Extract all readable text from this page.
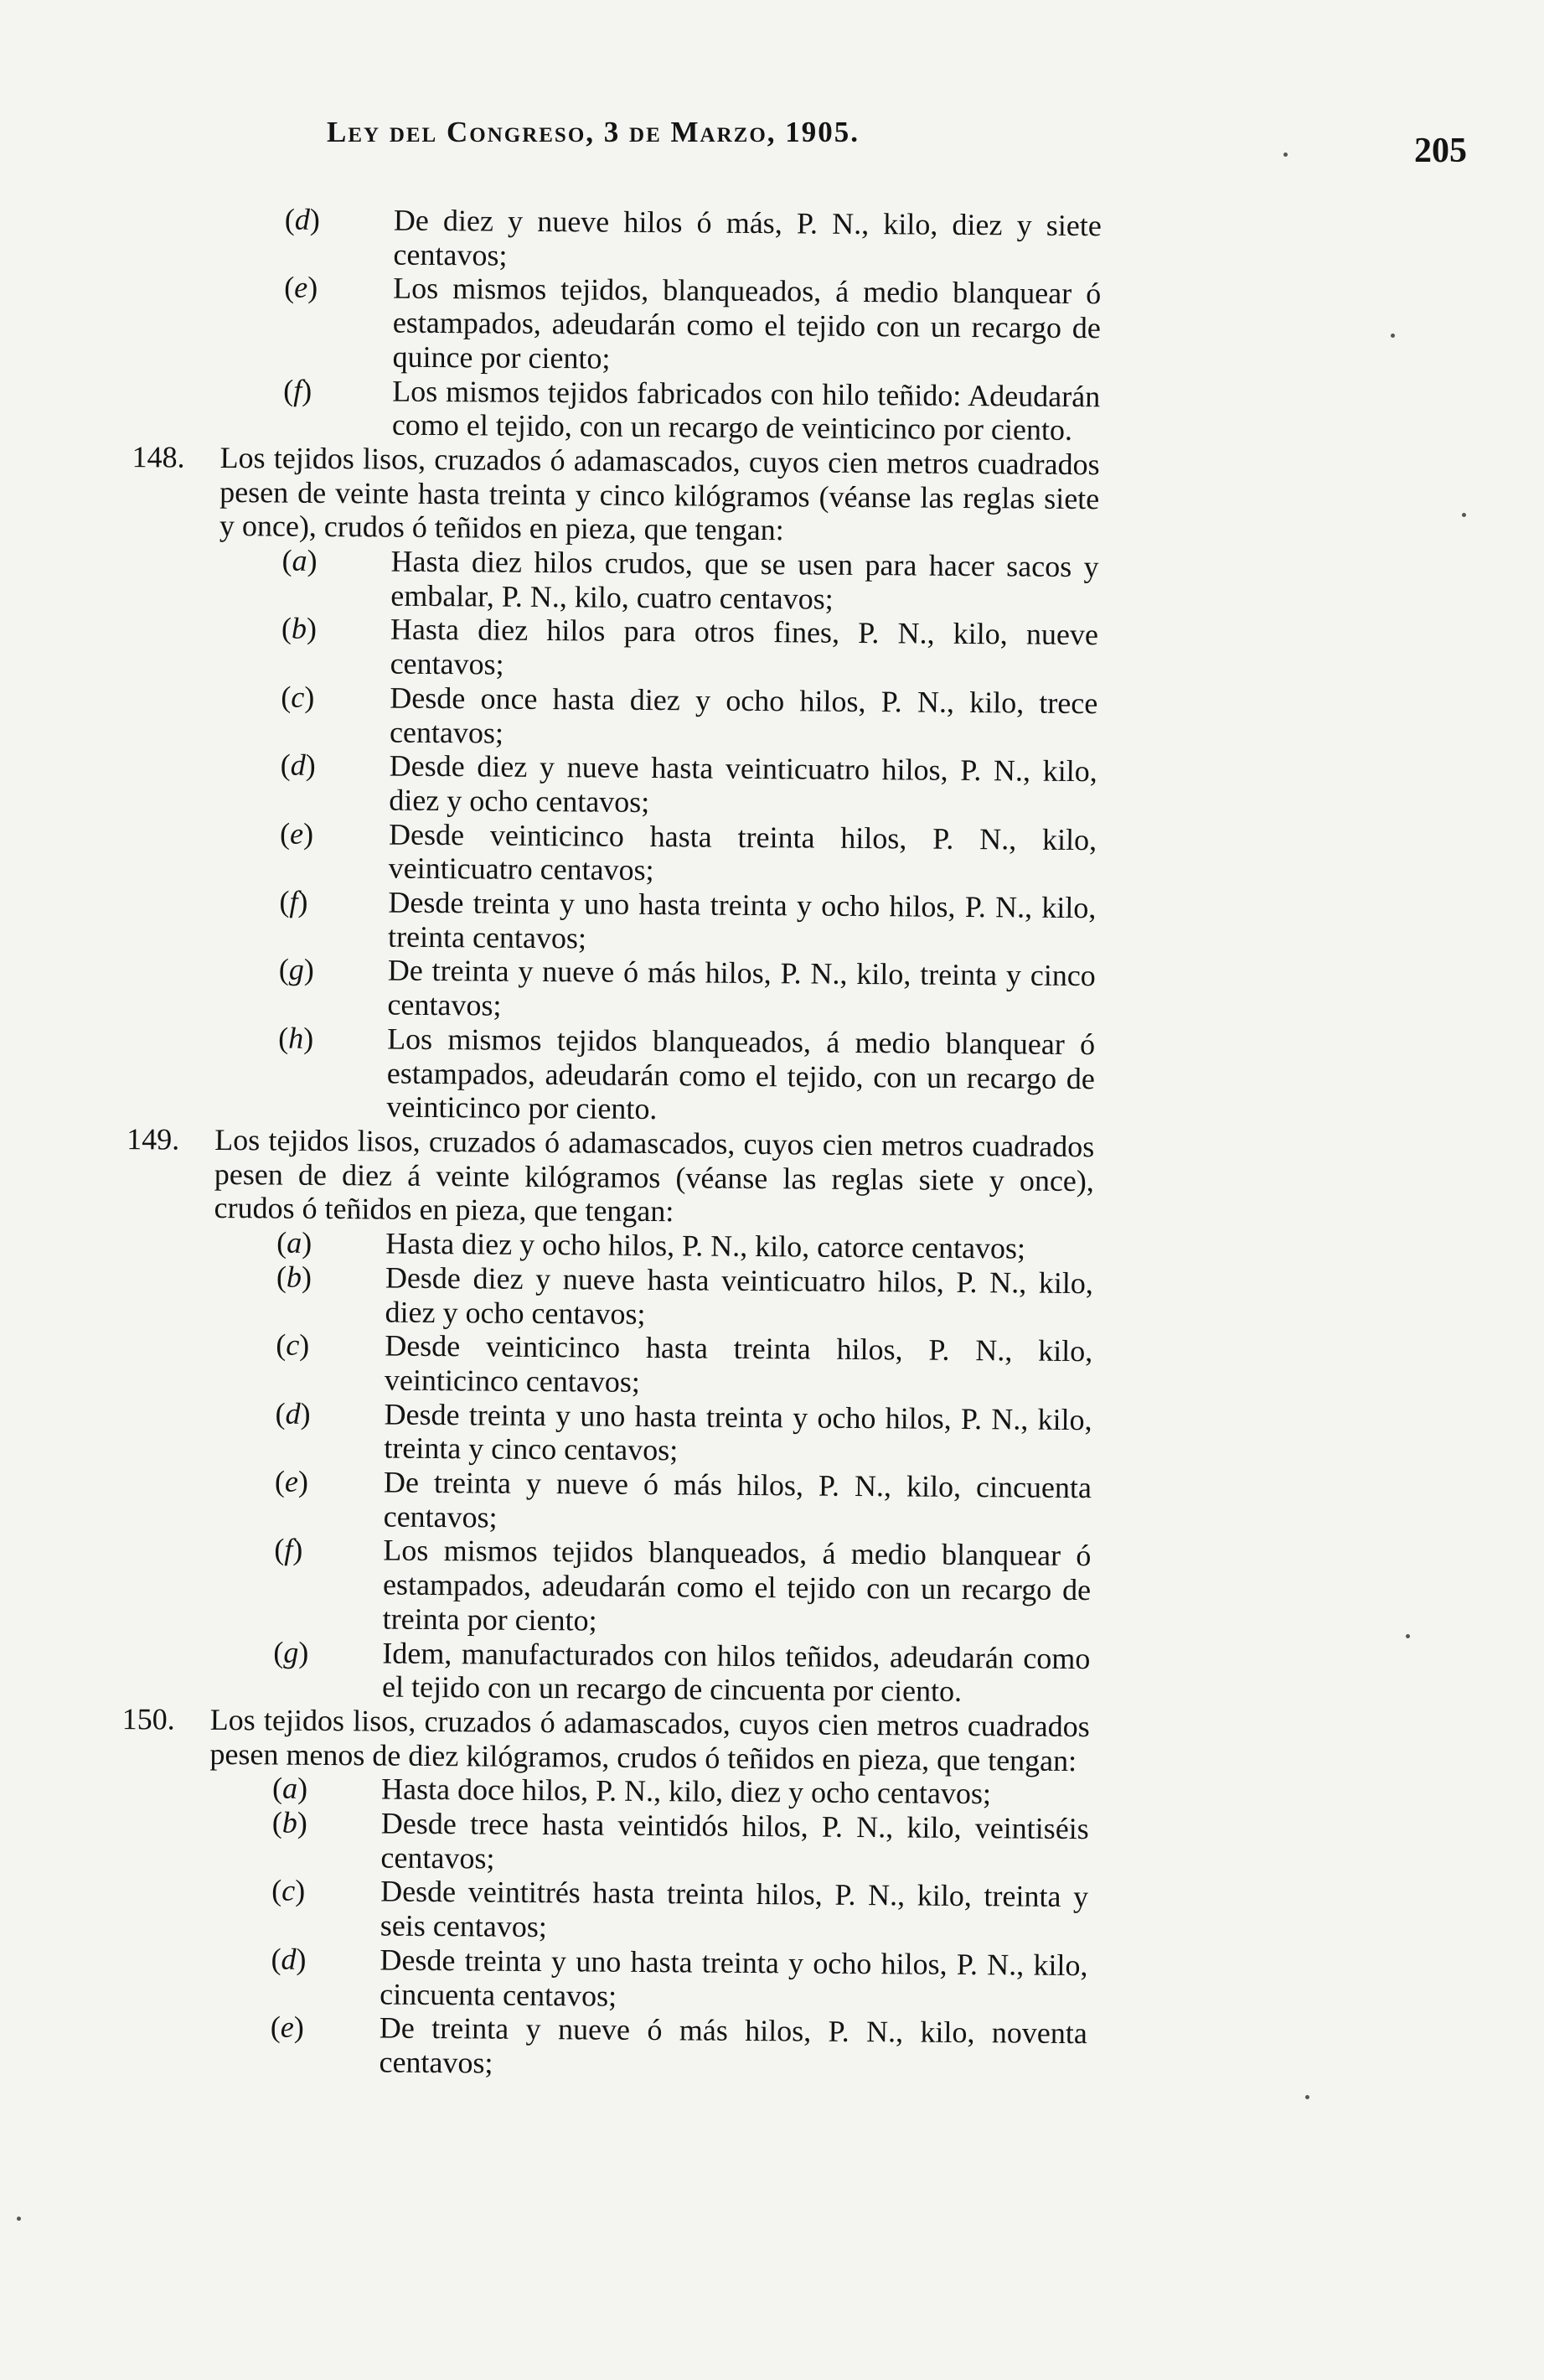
Ley del Congreso, 3 de Marzo, 1905.	205
(d)	De diez y nueve hilos ó más, P. N., kilo, diez y siete centavos;
(e)	Los mismos tejidos, blanqueados, á medio blanquear ó estampados, adeudarán como el tejido con un recargo de quince por ciento;
(f)	Los mismos tejidos fabricados con hilo teñido: Adeudarán como el tejido, con un recargo de veinticinco por ciento.
148.	Los tejidos lisos, cruzados ó adamascados, cuyos cien metros cuadrados pesen de veinte hasta treinta y cinco kilógramos (véanse las reglas siete y once), crudos ó teñidos en pieza, que tengan:
(a)	Hasta diez hilos crudos, que se usen para hacer sacos y embalar, P. N., kilo, cuatro centavos;
(b)	Hasta diez hilos para otros fines, P. N., kilo, nueve centavos;
(c)	Desde once hasta diez y ocho hilos, P. N., kilo, trece centavos;
(d)	Desde diez y nueve hasta veinticuatro hilos, P. N., kilo, diez y ocho centavos;
(e)	Desde veinticinco hasta treinta hilos, P. N., kilo, veinticuatro centavos;
(f)	Desde treinta y uno hasta treinta y ocho hilos, P. N., kilo, treinta centavos;
(g)	De treinta y nueve ó más hilos, P. N., kilo, treinta y cinco centavos;
(h)	Los mismos tejidos blanqueados, á medio blanquear ó estampados, adeudarán como el tejido, con un recargo de veinticinco por ciento.
149.	Los tejidos lisos, cruzados ó adamascados, cuyos cien metros cuadrados pesen de diez á veinte kilógramos (véanse las reglas siete y once), crudos ó teñidos en pieza, que tengan:
(a)	Hasta diez y ocho hilos, P. N., kilo, catorce centavos;
(b)	Desde diez y nueve hasta veinticuatro hilos, P. N., kilo, diez y ocho centavos;
(c)	Desde veinticinco hasta treinta hilos, P. N., kilo, veinticinco centavos;
(d)	Desde treinta y uno hasta treinta y ocho hilos, P. N., kilo, treinta y cinco centavos;
(e)	De treinta y nueve ó más hilos, P. N., kilo, cincuenta centavos;
(f)	Los mismos tejidos blanqueados, á medio blanquear ó estampados, adeudarán como el tejido con un recargo de treinta por ciento;
(g)	Idem, manufacturados con hilos teñidos, adeudarán como el tejido con un recargo de cincuenta por ciento.
150.	Los tejidos lisos, cruzados ó adamascados, cuyos cien metros cuadrados pesen menos de diez kilógramos, crudos ó teñidos en pieza, que tengan:
(a)	Hasta doce hilos, P. N., kilo, diez y ocho centavos;
(b)	Desde trece hasta veintidós hilos, P. N., kilo, veintiséis centavos;
(c)	Desde veintitrés hasta treinta hilos, P. N., kilo, treinta y seis centavos;
(d)	Desde treinta y uno hasta treinta y ocho hilos, P. N., kilo, cincuenta centavos;
(e)	De treinta y nueve ó más hilos, P. N., kilo, noventa centavos;
